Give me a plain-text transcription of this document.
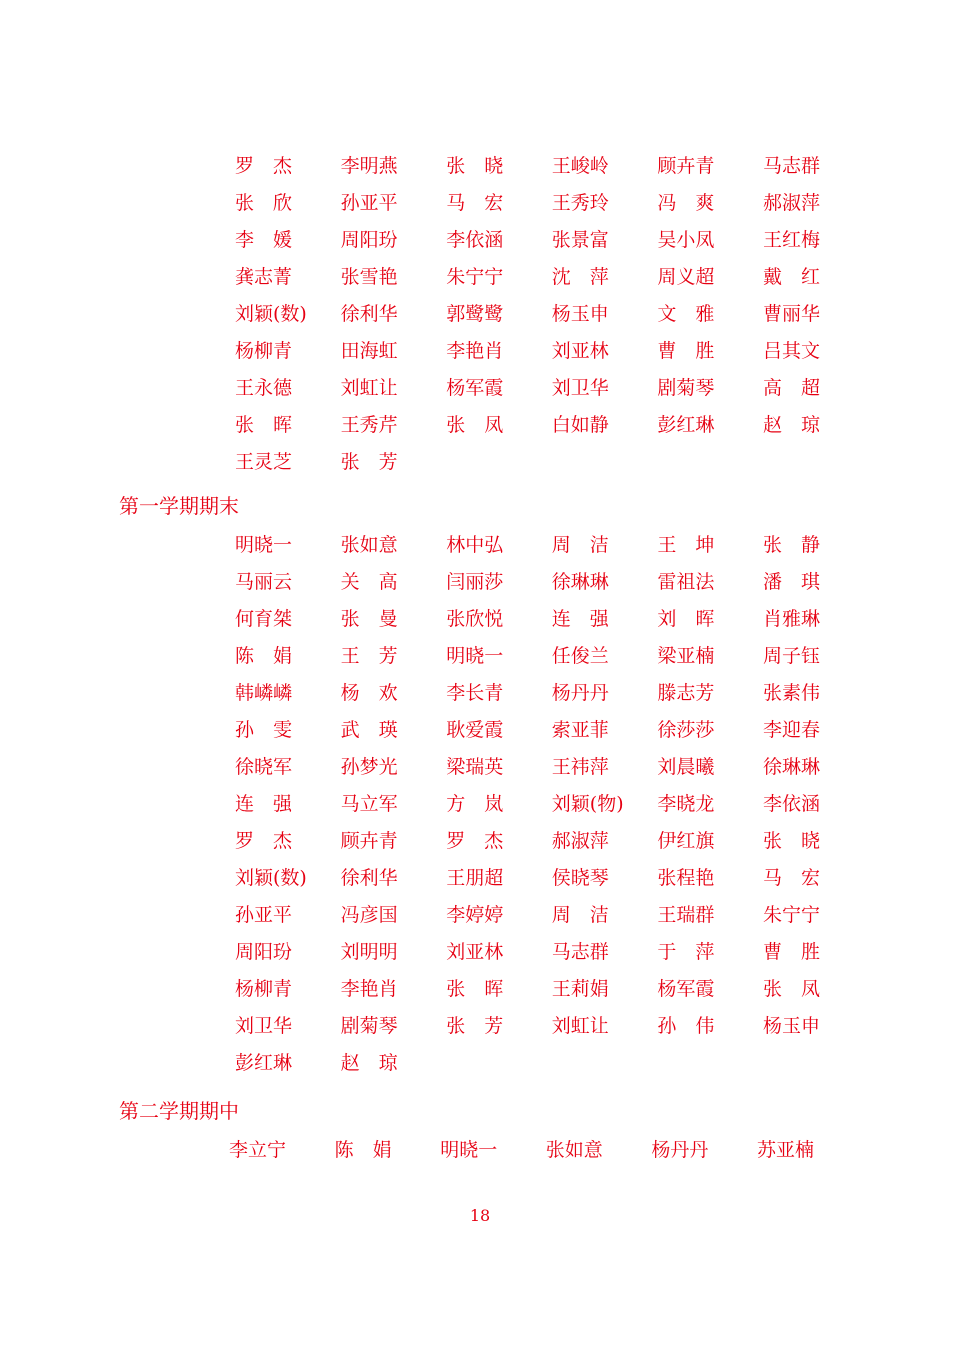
罗　杰	李明燕	张　晓	王峻岭	顾卉青	马志群
张　欣	孙亚平	马　宏	王秀玲	冯　爽	郝淑萍
李　媛	周阳玢	李依涵	张景富	吴小凤	王红梅
龚志菁	张雪艳	朱宁宁	沈　萍	周义超	戴　红
刘颖(数)	徐利华	郭鹭鹭	杨玉申	文　雅	曹丽华
杨柳青	田海虹	李艳肖	刘亚林	曹　胜	吕其文
王永德	刘虹让	杨军霞	刘卫华	剧菊琴	高　超
张　晖	王秀芹	张　凤	白如静	彭红琳	赵　琼
王灵芝	张　芳
第一学期期末
明晓一	张如意	林中弘	周　洁	王　坤	张　静
马丽云	关　高	闫丽莎	徐琳琳	雷祖法	潘　琪
何育桀	张　曼	张欣悦	连　强	刘　晖	肖雅琳
陈　娟	王　芳	明晓一	任俊兰	梁亚楠	周子钰
韩嶙嶙	杨　欢	李长青	杨丹丹	滕志芳	张素伟
孙　雯	武　瑛	耿爱霞	索亚菲	徐莎莎	李迎春
徐晓军	孙梦光	梁瑞英	王祎萍	刘晨曦	徐琳琳
连　强	马立军	方　岚	刘颖(物)	李晓龙	李依涵
罗　杰	顾卉青	罗　杰	郝淑萍	伊红旗	张　晓
刘颖(数)	徐利华	王朋超	侯晓琴	张程艳	马　宏
孙亚平	冯彦国	李婷婷	周　洁	王瑞群	朱宁宁
周阳玢	刘明明	刘亚林	马志群	于　萍	曹　胜
杨柳青	李艳肖	张　晖	王莉娟	杨军霞	张　凤
刘卫华	剧菊琴	张　芳	刘虹让	孙　伟	杨玉申
彭红琳	赵　琼
第二学期期中
李立宁	陈　娟	明晓一	张如意	杨丹丹	苏亚楠
18
